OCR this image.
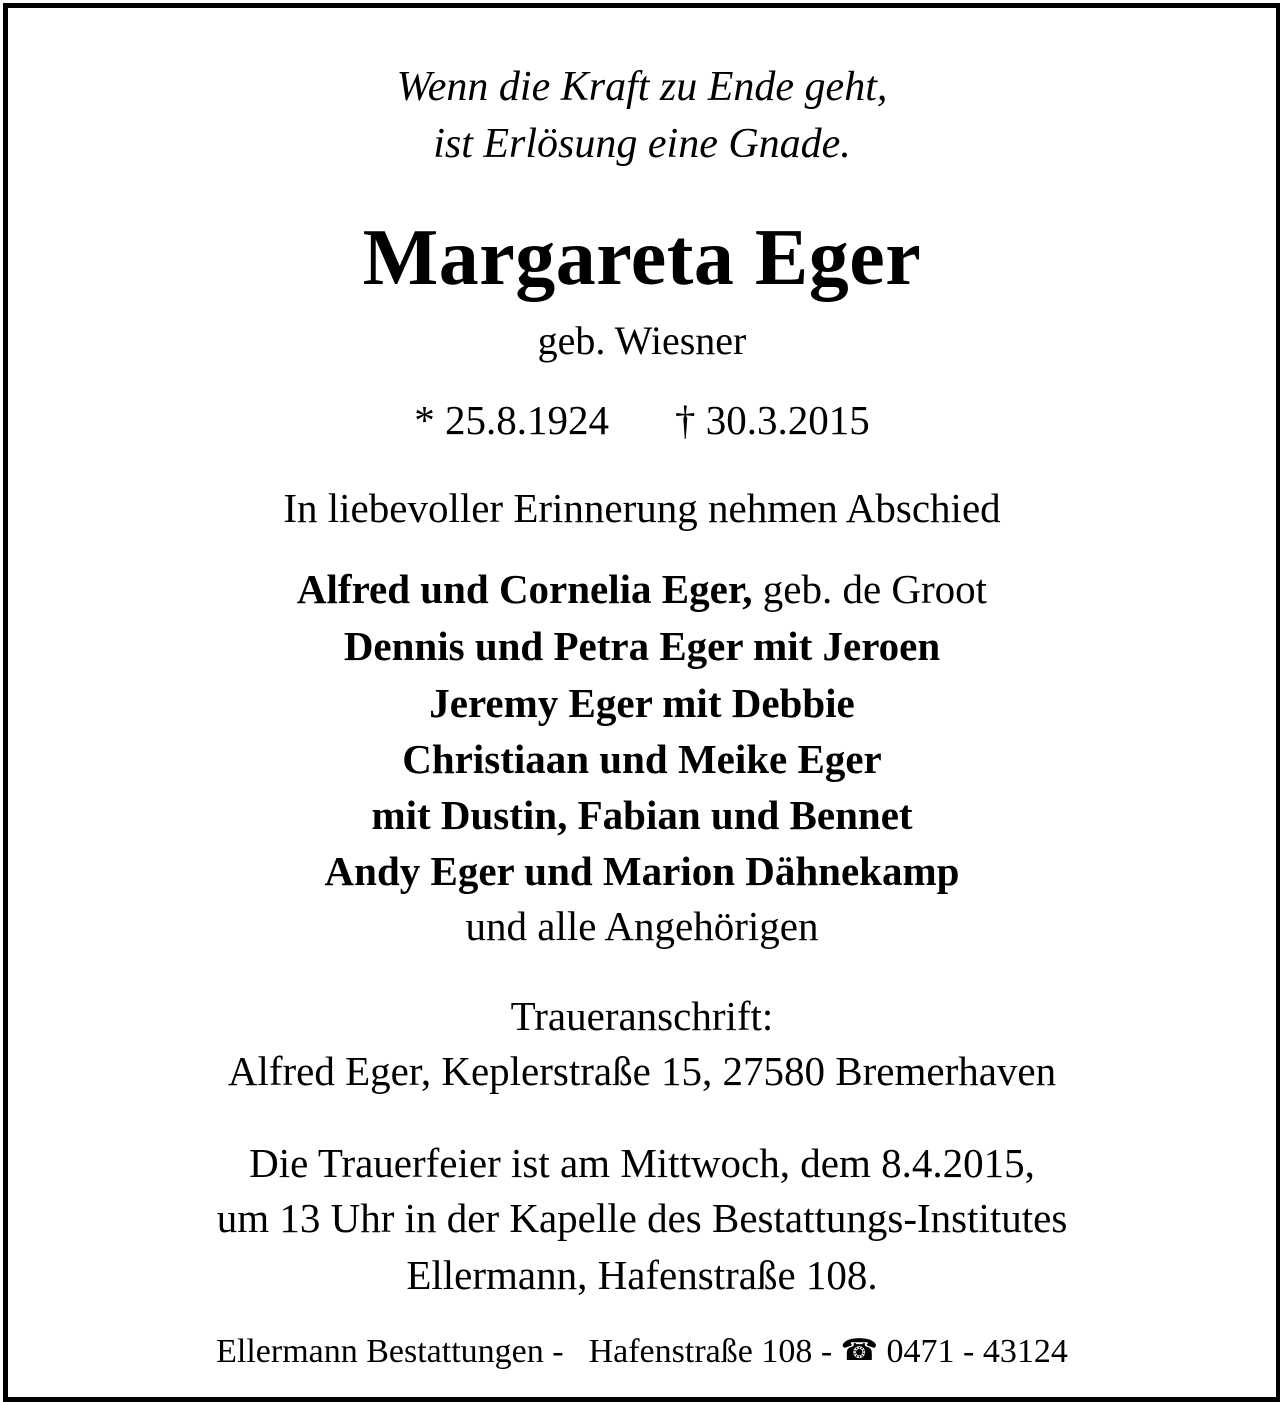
Wenn die Kraft zu Ende geht,
ist Erlösung eine Gnade.
Margareta Eger
geb. Wiesner
* 25.8.1924 † 30.3.2015
In liebevoller Erinnerung nehmen Abschied
Alfred und Cornelia Eger, geb. de Groot
Dennis und Petra Eger mit Jeroen
Jeremy Eger mit Debbie
Christiaan und Meike Eger
mit Dustin, Fabian und Bennet
Andy Eger und Marion Dähnekamp
und alle Angehörigen
Traueranschrift:
Alfred Eger, Keplerstraße 15, 27580 Bremerhaven
Die Trauerfeier ist am Mittwoch, dem 8.4.2015,
um 13 Uhr in der Kapelle des Bestattungs-Institutes
Ellermann, Hafenstraße 108.
Ellermann Bestattungen - Hafenstraße 108 - ☎ 0471 - 43124
